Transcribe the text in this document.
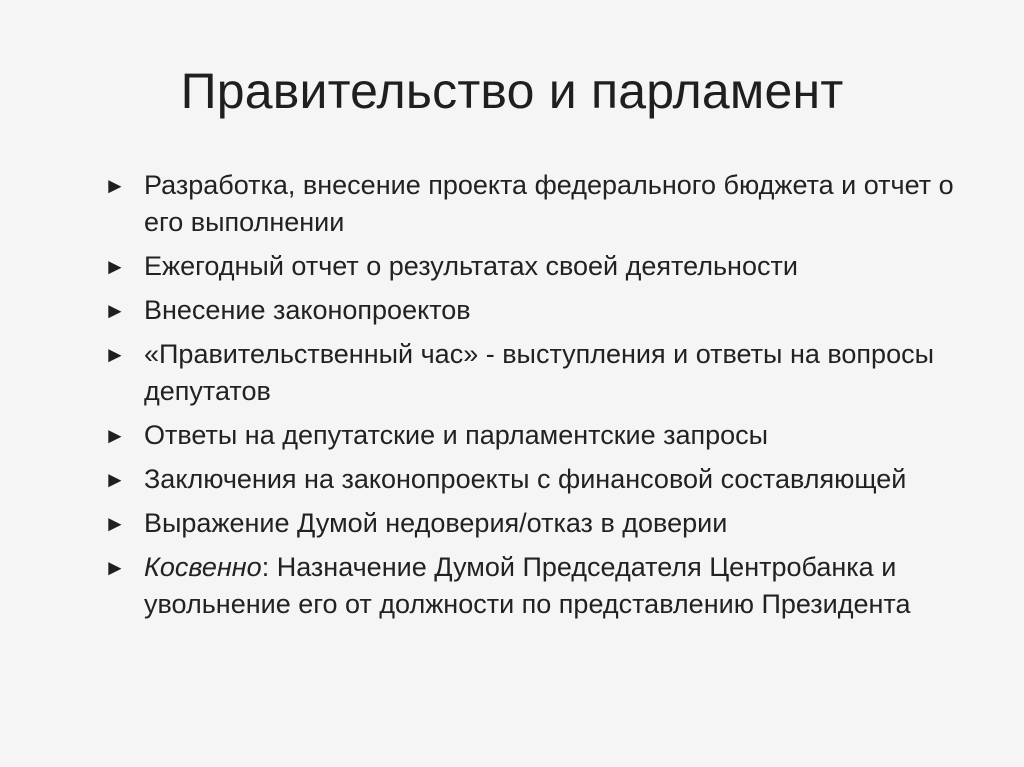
Правительство и парламент
► Разработка, внесение проекта федерального бюджета и отчет о его выполнении
► Ежегодный отчет о результатах своей деятельности
► Внесение законопроектов
► «Правительственный час» - выступления и ответы на вопросы депутатов
► Ответы на депутатские и парламентские запросы
► Заключения на законопроекты с финансовой составляющей
► Выражение Думой недоверия/отказ в доверии
► Косвенно: Назначение Думой Председателя Центробанка и увольнение его от должности по представлению Президента
